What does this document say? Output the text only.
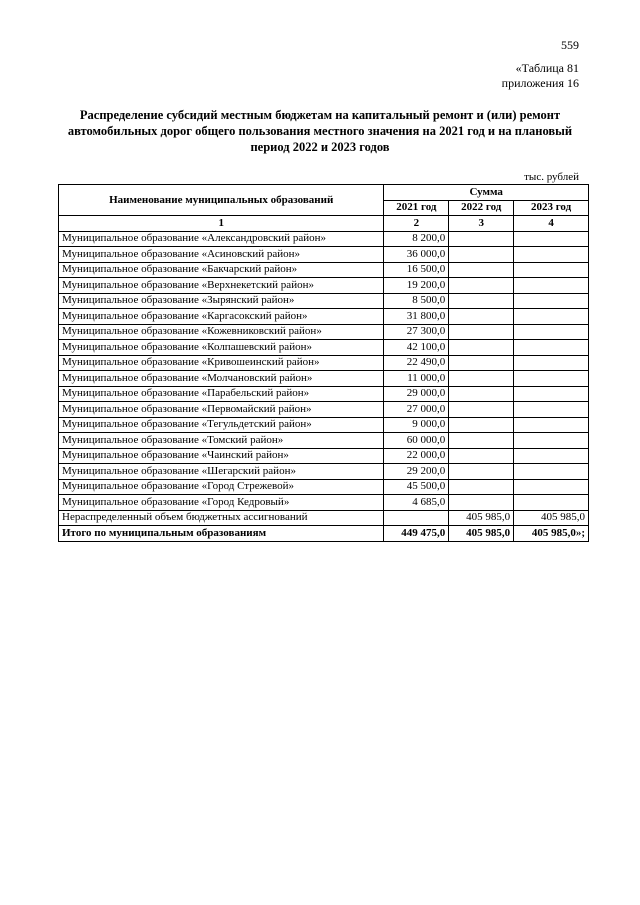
559
«Таблица 81
приложения 16
Распределение субсидий местным бюджетам на капитальный ремонт и (или) ремонт автомобильных дорог общего пользования местного значения на 2021 год и на плановый период 2022 и 2023 годов
тыс. рублей
Наименование муниципальных образований	Сумма		
	2021 год	2022 год	2023 год
1	2	3	4
Муниципальное образование «Александровский район»	8 200,0		
Муниципальное образование «Асиновский район»	36 000,0		
Муниципальное образование «Бакчарский район»	16 500,0		
Муниципальное образование «Верхнекетский район»	19 200,0		
Муниципальное образование «Зырянский район»	8 500,0		
Муниципальное образование «Каргасокский район»	31 800,0		
Муниципальное образование «Кожевниковский район»	27 300,0		
Муниципальное образование «Колпашевский район»	42 100,0		
Муниципальное образование «Кривошеинский район»	22 490,0		
Муниципальное образование «Молчановский район»	11 000,0		
Муниципальное образование «Парабельский район»	29 000,0		
Муниципальное образование «Первомайский район»	27 000,0		
Муниципальное образование «Тегульдетский район»	9 000,0		
Муниципальное образование «Томский район»	60 000,0		
Муниципальное образование «Чаинский район»	22 000,0		
Муниципальное образование «Шегарский район»	29 200,0		
Муниципальное образование «Город Стрежевой»	45 500,0		
Муниципальное образование «Город Кедровый»	4 685,0		
Нераспределенный объем бюджетных ассигнований		405 985,0	405 985,0
Итого по муниципальным образованиям	449 475,0	405 985,0	405 985,0»;
